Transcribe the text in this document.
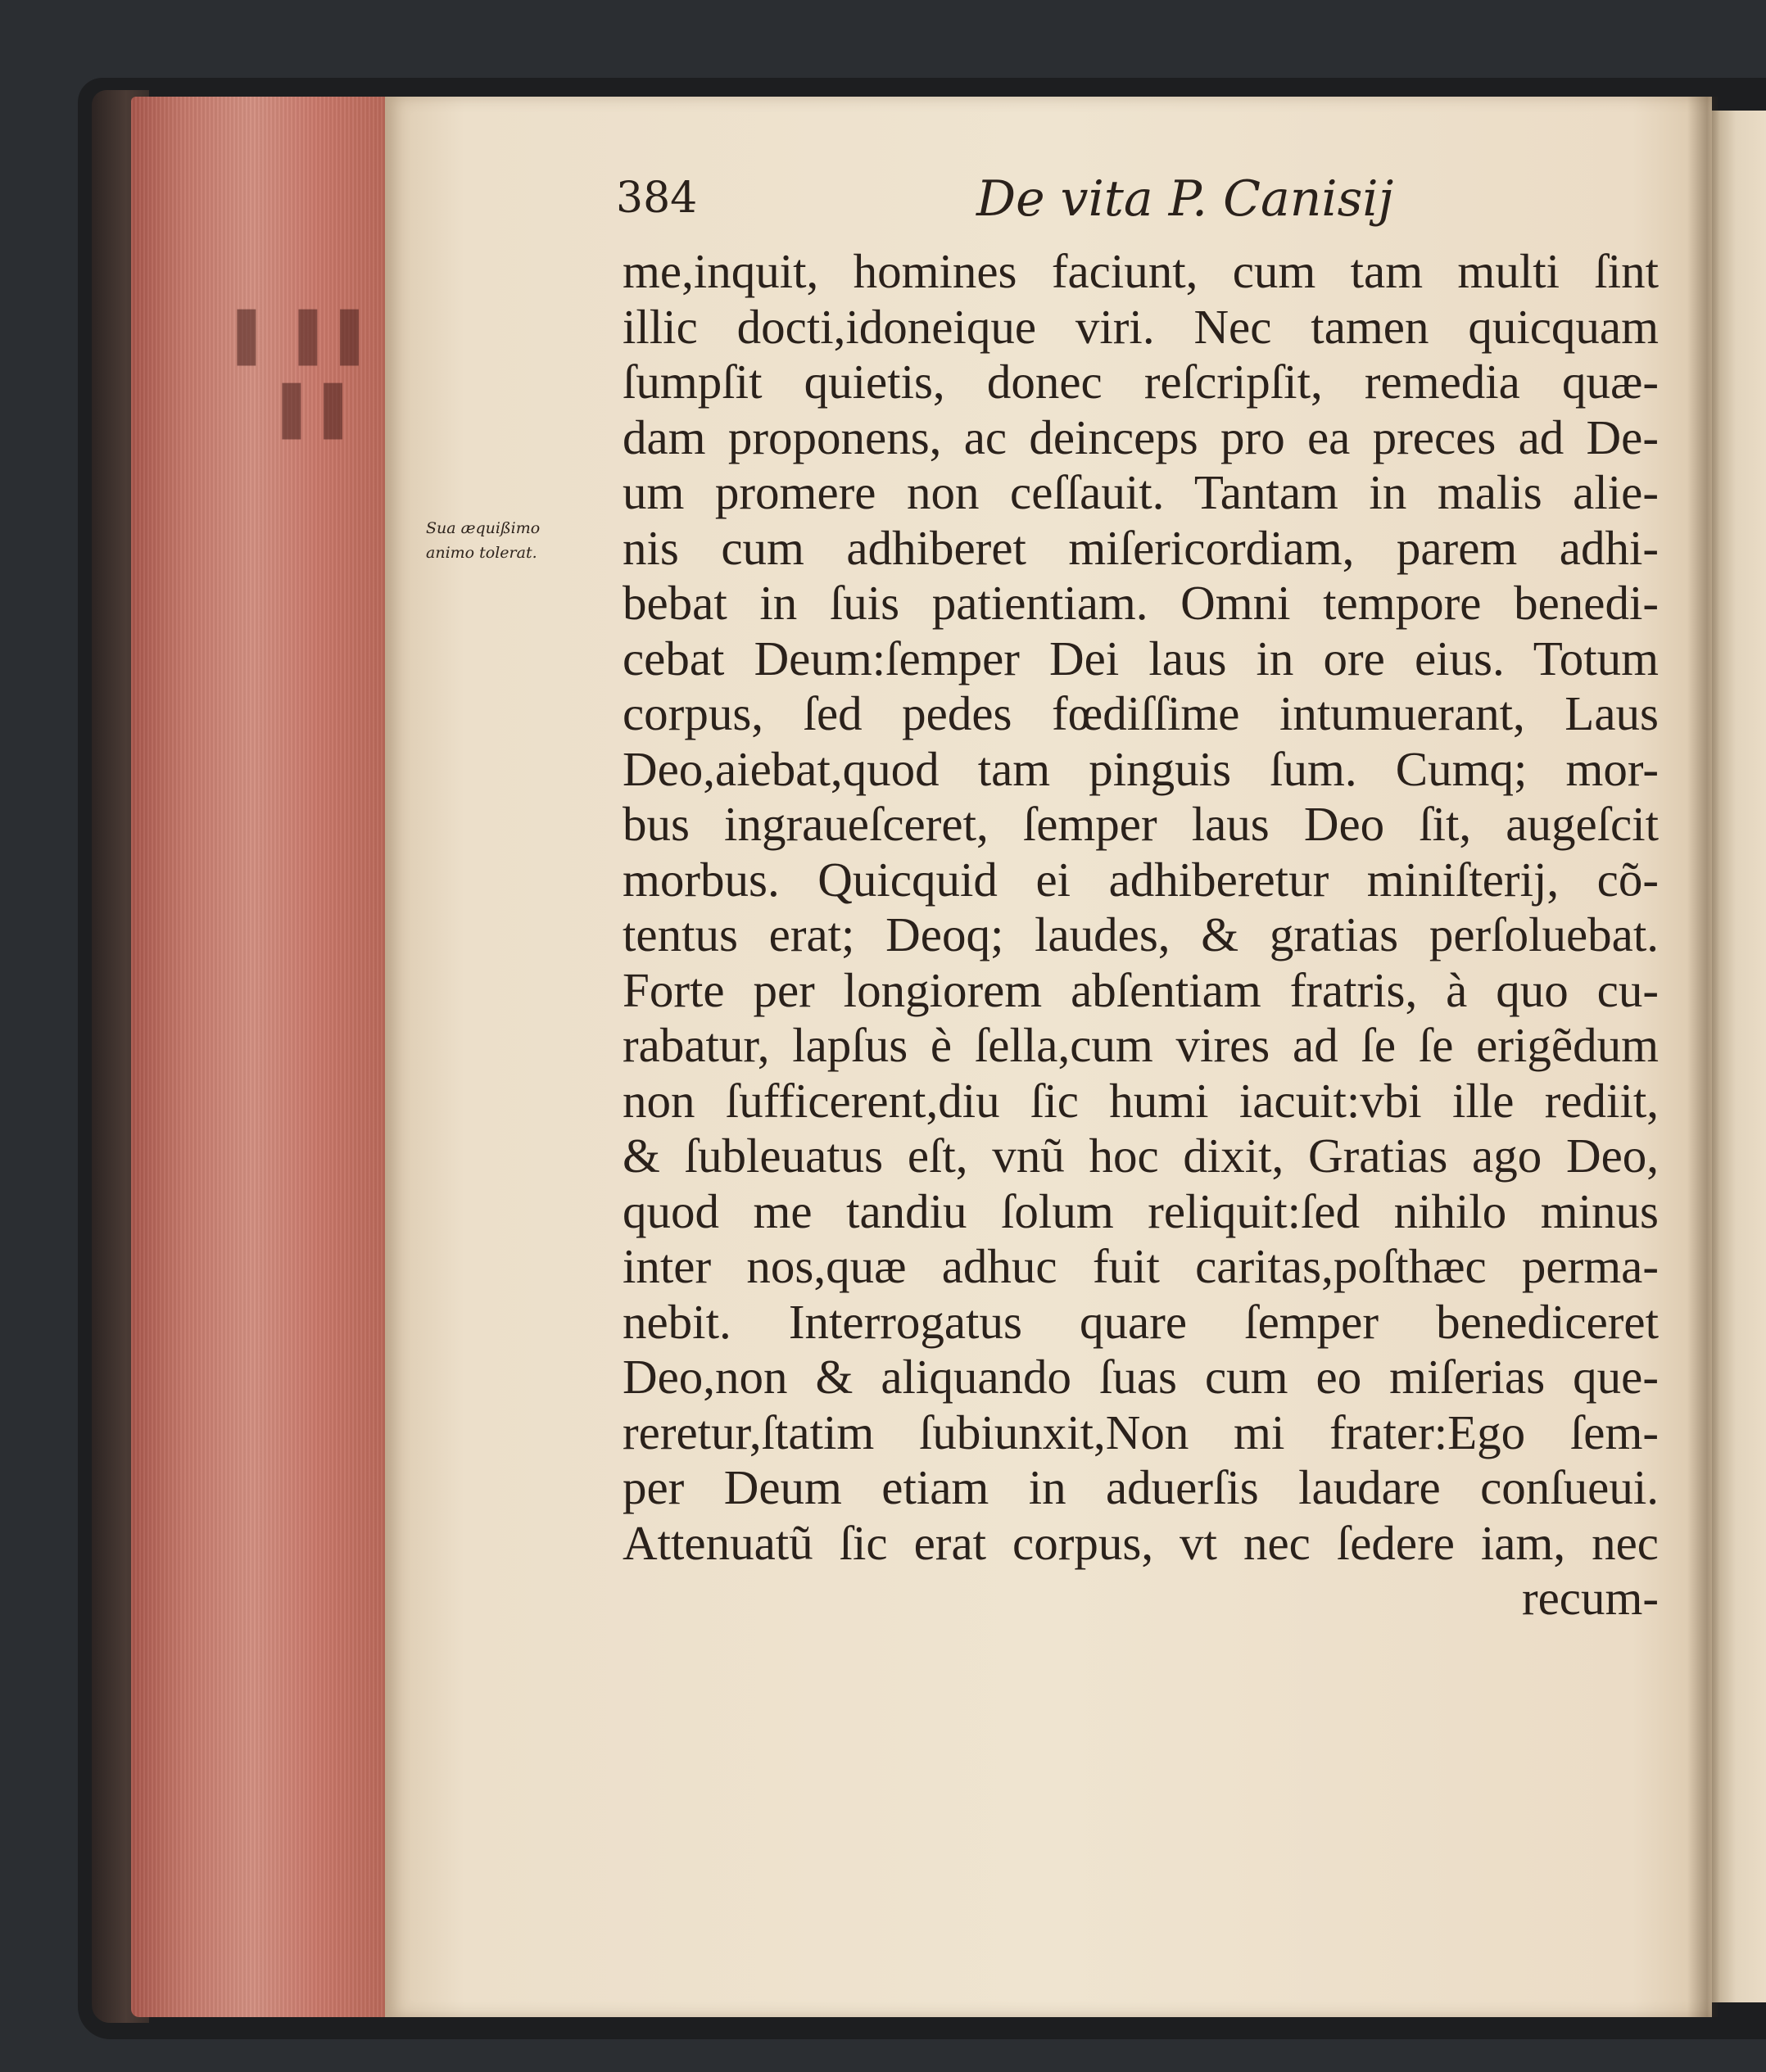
▌ ▌▌
▌▌
384	De vita P. Canisij
Sua æquißimo
animo tolerat.
me,inquit, homines faciunt, cum tam multi ſint
illic docti,idoneique viri. Nec tamen quicquam
ſumpſit quietis, donec reſcripſit, remedia quæ-
dam proponens, ac deinceps pro ea preces ad De-
um promere non ceſſauit. Tantam in malis alie-
nis cum adhiberet miſericordiam, parem adhi-
bebat in ſuis patientiam. Omni tempore benedi-
cebat Deum:ſemper Dei laus in ore eius. Totum
corpus, ſed pedes fœdiſſime intumuerant, Laus
Deo,aiebat,quod tam pinguis ſum. Cumq; mor-
bus ingraueſceret, ſemper laus Deo ſit, augeſcit
morbus. Quicquid ei adhiberetur miniſterij, cõ-
tentus erat; Deoq; laudes, & gratias perſoluebat.
Forte per longiorem abſentiam fratris, à quo cu-
rabatur, lapſus è ſella,cum vires ad ſe ſe erigẽdum
non ſufficerent,diu ſic humi iacuit:vbi ille rediit,
& ſubleuatus eſt, vnũ hoc dixit, Gratias ago Deo,
quod me tandiu ſolum reliquit:ſed nihilo minus
inter nos,quæ adhuc fuit caritas,poſthæc perma-
nebit. Interrogatus quare ſemper benediceret
Deo,non & aliquando ſuas cum eo miſerias que-
reretur,ſtatim ſubiunxit,Non mi frater:Ego ſem-
per Deum etiam in aduerſis laudare conſueui.
Attenuatũ ſic erat corpus, vt nec ſedere iam, nec
recum-
